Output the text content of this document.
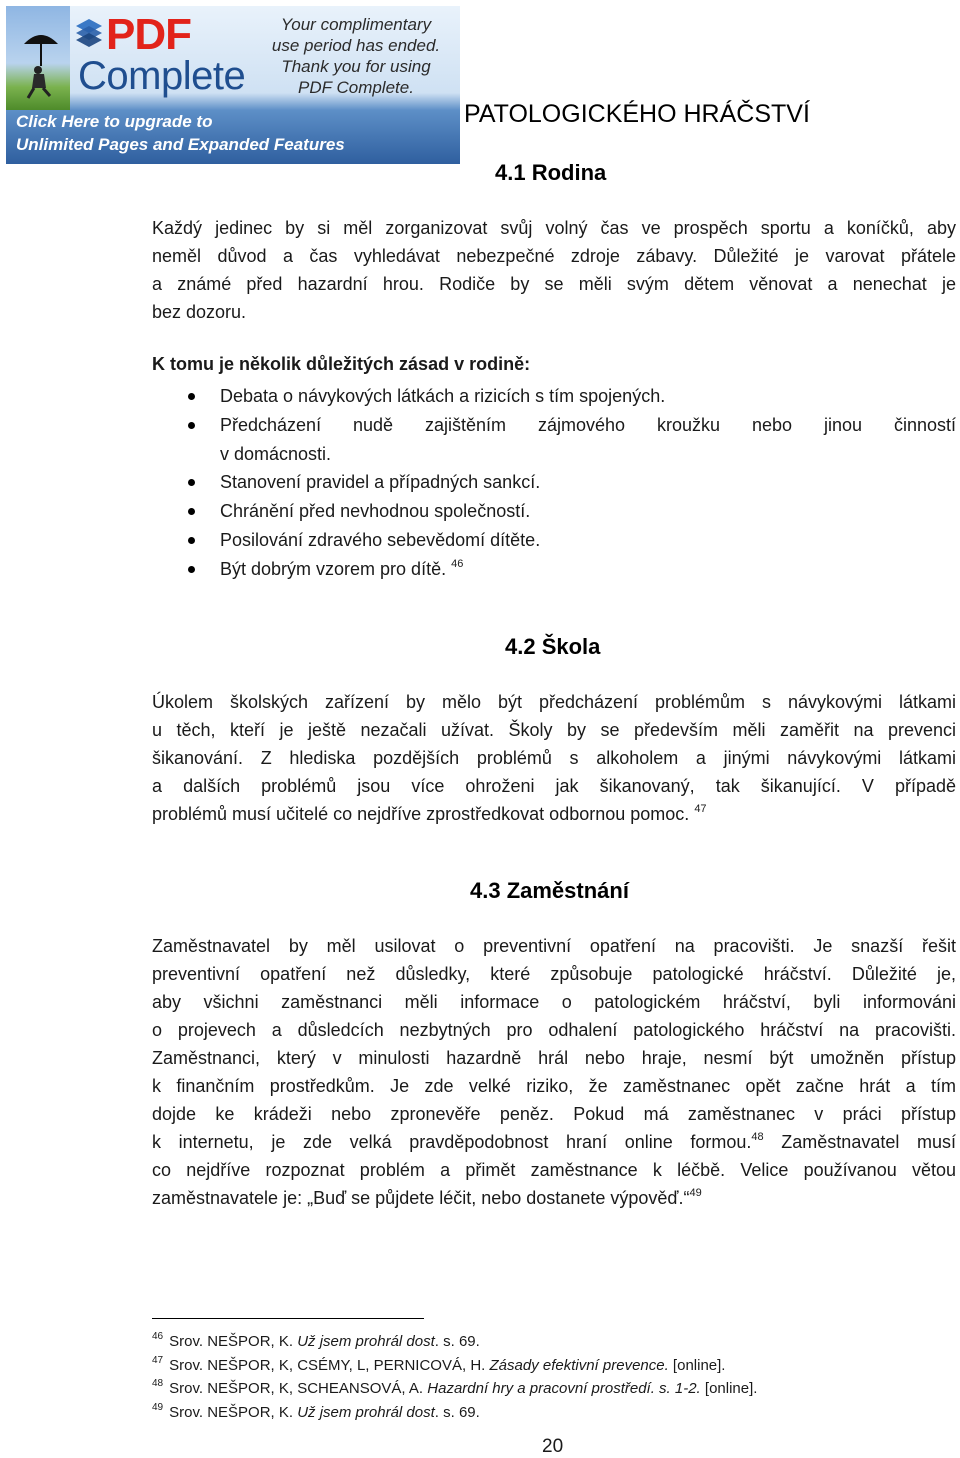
PDF
Complete
Your complimentary
use period has ended.
Thank you for using
PDF Complete.
Click Here to upgrade to
Unlimited Pages and Expanded Features
PATOLOGICKÉHO HRÁČSTVÍ
4.1 Rodina
Každý jedinec by si měl zorganizovat svůj volný čas ve prospěch sportu a koníčků, aby
neměl důvod a čas vyhledávat nebezpečné zdroje zábavy. Důležité je varovat přátele
a známé před hazardní hrou. Rodiče by se měli svým dětem věnovat a nenechat je
bez dozoru.
K tomu je několik důležitých zásad v rodině:
Debata o návykových látkách a rizicích s tím spojených.
Předcházení nudě zajištěním zájmového kroužku nebo jinou činností
v domácnosti.
Stanovení pravidel a případných sankcí.
Chránění před nevhodnou společností.
Posilování zdravého sebevědomí dítěte.
Být dobrým vzorem pro dítě. $^{46}$
4.2 Škola
Úkolem školských zařízení by mělo být předcházení problémům s návykovými látkami
u těch, kteří je ještě nezačali užívat. Školy by se především měli zaměřit na prevenci
šikanování. Z hlediska pozdějších problémů s alkoholem a jinými návykovými látkami
a dalších problémů jsou více ohroženi jak šikanovaný, tak šikanující. V případě
problémů musí učitelé co nejdříve zprostředkovat odbornou pomoc. $^{47}$
4.3 Zaměstnání
Zaměstnavatel by měl usilovat o preventivní opatření na pracovišti. Je snazší řešit
preventivní opatření než důsledky, které způsobuje patologické hráčství. Důležité je,
aby všichni zaměstnanci měli informace o patologickém hráčství, byli informováni
o projevech a důsledcích nezbytných pro odhalení patologického hráčství na pracovišti.
Zaměstnanci, který v minulosti hazardně hrál nebo hraje, nesmí být umožněn přístup
k finančním prostředkům. Je zde velké riziko, že zaměstnanec opět začne hrát a tím
dojde ke krádeži nebo zpronevěře peněz. Pokud má zaměstnanec v práci přístup
k internetu, je zde velká pravděpodobnost hraní online formou.$^{48}$ Zaměstnavatel musí
co nejdříve rozpoznat problém a přimět zaměstnance k léčbě. Velice používanou větou
zaměstnavatele je: „Buď se půjdete léčit, nebo dostanete výpověď.“$^{49}$
$^{46}$ Srov. NEŠPOR, K. Už jsem prohrál dost. s. 69.
$^{47}$ Srov. NEŠPOR, K, CSÉMY, L, PERNICOVÁ, H. Zásady efektivní prevence. [online].
$^{48}$ Srov. NEŠPOR, K, SCHEANSOVÁ, A. Hazardní hry a pracovní prostředí. s. 1-2. [online].
$^{49}$ Srov. NEŠPOR, K. Už jsem prohrál dost. s. 69.
20
